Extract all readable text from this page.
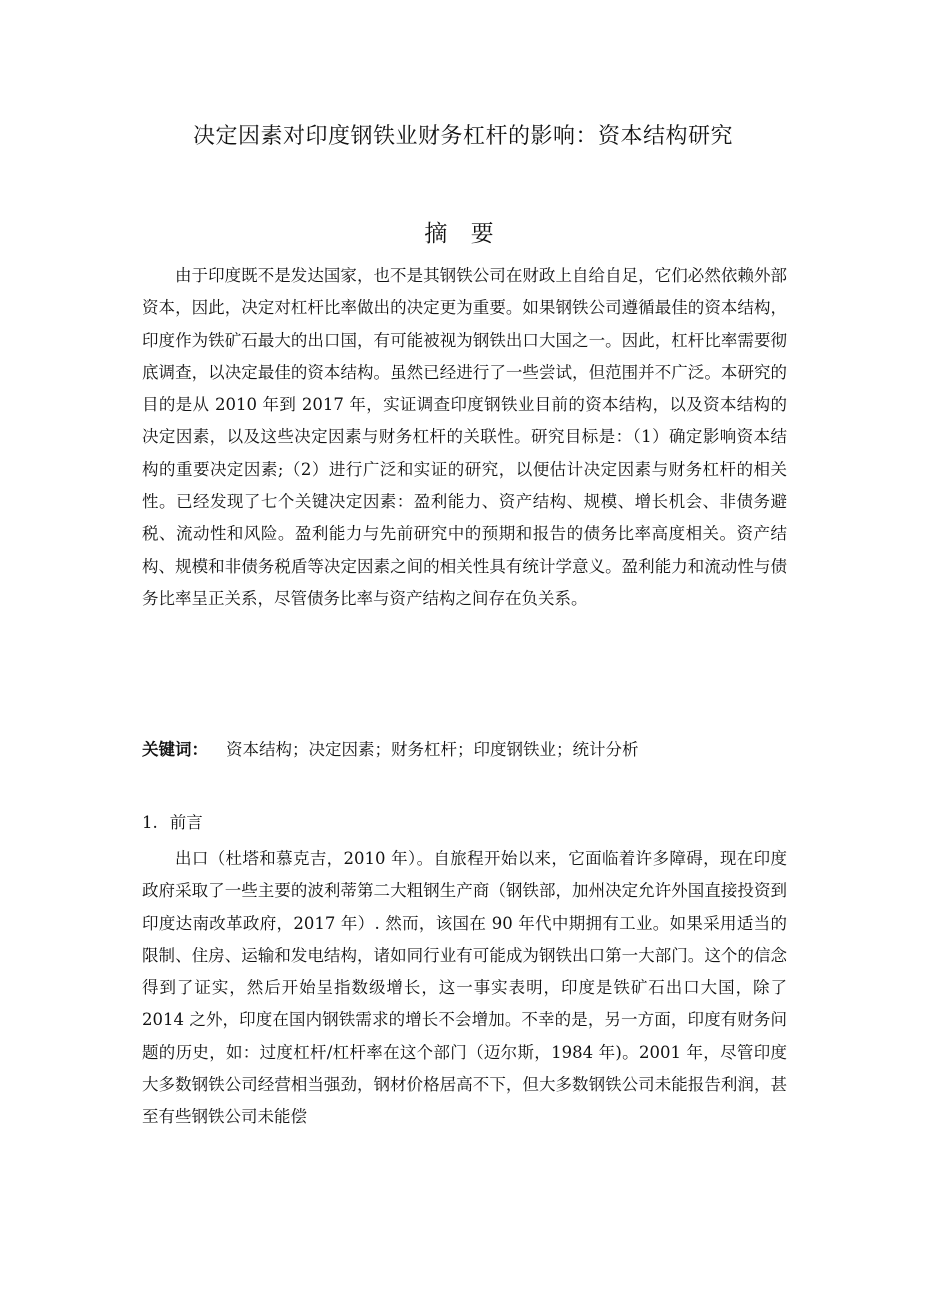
决定因素对印度钢铁业财务杠杆的影响：资本结构研究
摘 要

由于印度既不是发达国家，也不是其钢铁公司在财政上自给自足，它们必然依赖外部资本，因此，决定对杠杆比率做出的决定更为重要。如果钢铁公司遵循最佳的资本结构，印度作为铁矿石最大的出口国，有可能被视为钢铁出口大国之一。因此，杠杆比率需要彻底调查，以决定最佳的资本结构。虽然已经进行了一些尝试，但范围并不广泛。本研究的目的是从 2010 年到 2017 年，实证调查印度钢铁业目前的资本结构，以及资本结构的决定因素，以及这些决定因素与财务杠杆的关联性。研究目标是：（1）确定影响资本结构的重要决定因素;（2）进行广泛和实证的研究，以便估计决定因素与财务杠杆的相关性。已经发现了七个关键决定因素：盈利能力、资产结构、规模、增长机会、非债务避税、流动性和风险。盈利能力与先前研究中的预期和报告的债务比率高度相关。资产结构、规模和非债务税盾等决定因素之间的相关性具有统计学意义。盈利能力和流动性与债务比率呈正关系，尽管债务比率与资产结构之间存在负关系。

关键词： 资本结构；决定因素；财务杠杆；印度钢铁业；统计分析
1. 前言

出口（杜塔和慕克吉，2010 年）。自旅程开始以来，它面临着许多障碍，现在印度政府采取了一些主要的波利蒂第二大粗钢生产商（钢铁部，加州决定允许外国直接投资到印度达南改革政府，2017 年）. 然而，该国在 90 年代中期拥有工业。如果采用适当的限制、住房、运输和发电结构，诸如同行业有可能成为钢铁出口第一大部门。这个的信念得到了证实，然后开始呈指数级增长，这一事实表明，印度是铁矿石出口大国，除了 2014 之外，印度在国内钢铁需求的增长不会增加。不幸的是，另一方面，印度有财务问题的历史，如：过度杠杆/杠杆率在这个部门（迈尔斯，1984 年)。2001 年，尽管印度大多数钢铁公司经营相当强劲，钢材价格居高不下，但大多数钢铁公司未能报告利润，甚至有些钢铁公司未能偿
